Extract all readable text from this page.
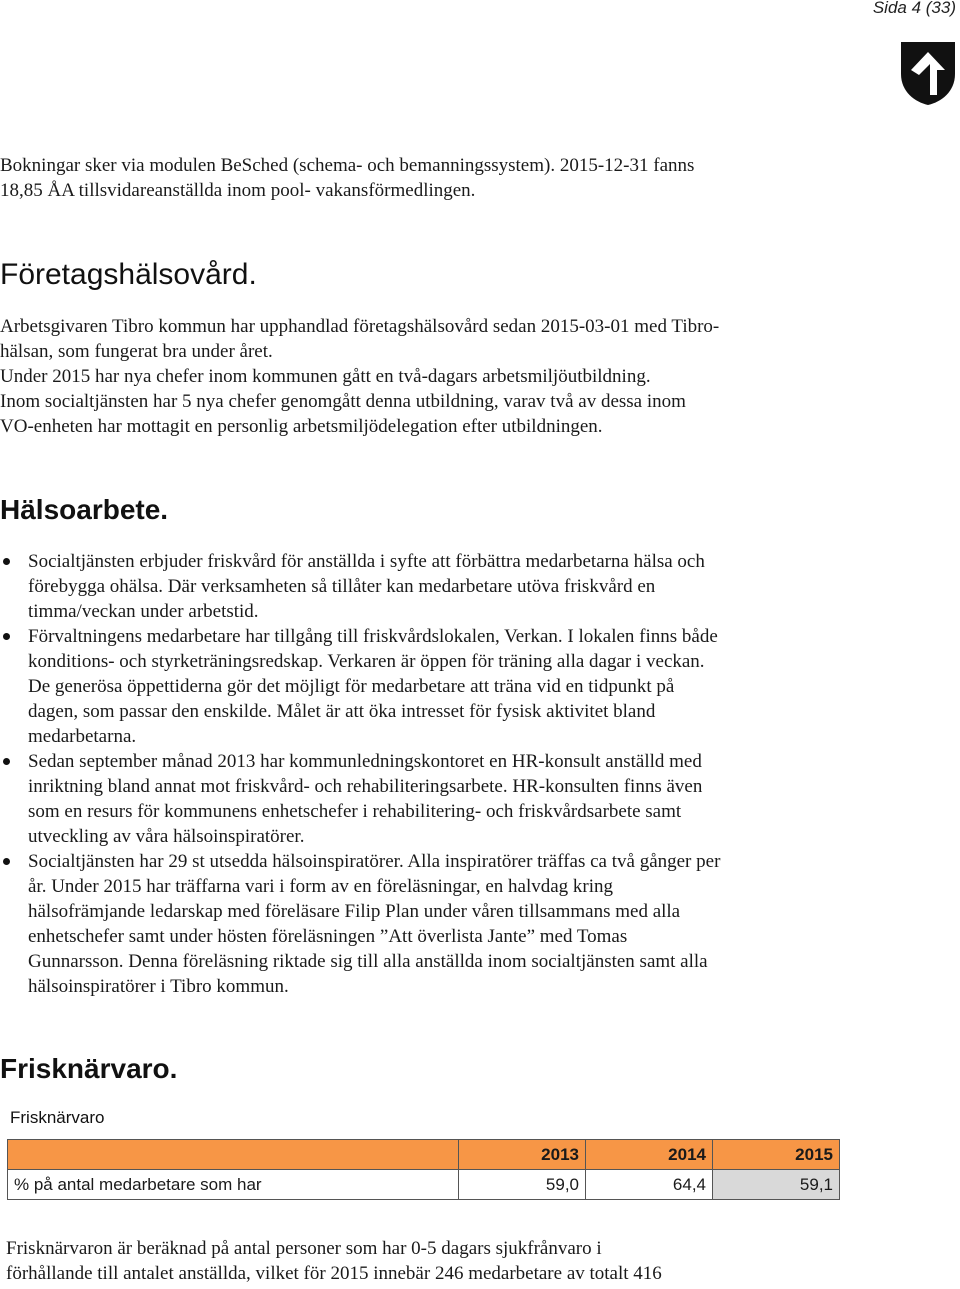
Sida 4 (33)

Bokningar sker via modulen BeSched (schema- och bemanningssystem). 2015-12-31 fanns
18,85 ÅA tillsvidareanställda inom pool- vakansförmedlingen.

Företagshälsovård.

Arbetsgivaren Tibro kommun har upphandlad företagshälsovård sedan 2015-03-01 med Tibro-
hälsan, som fungerat bra under året.
Under 2015 har nya chefer inom kommunen gått en två-dagars arbetsmiljöutbildning.
Inom socialtjänsten har 5 nya chefer genomgått denna utbildning, varav två av dessa inom
VO-enheten har mottagit en personlig arbetsmiljödelegation efter utbildningen.

Hälsoarbete.
Socialtjänsten erbjuder friskvård för anställda i syfte att förbättra medarbetarna hälsa och
förebygga ohälsa. Där verksamheten så tillåter kan medarbetare utöva friskvård en
timma/veckan under arbetstid.
Förvaltningens medarbetare har tillgång till friskvårdslokalen, Verkan. I lokalen finns både
konditions- och styrketräningsredskap. Verkaren är öppen för träning alla dagar i veckan.
De generösa öppettiderna gör det möjligt för medarbetare att träna vid en tidpunkt på
dagen, som passar den enskilde. Målet är att öka intresset för fysisk aktivitet bland
medarbetarna.
Sedan september månad 2013 har kommunledningskontoret en HR-konsult anställd med
inriktning bland annat mot friskvård- och rehabiliteringsarbete. HR-konsulten finns även
som en resurs för kommunens enhetschefer i rehabilitering- och friskvårdsarbete samt
utveckling av våra hälsoinspiratörer.
Socialtjänsten har 29 st utsedda hälsoinspiratörer. Alla inspiratörer träffas ca två gånger per
år. Under 2015 har träffarna vari i form av en föreläsningar, en halvdag kring
hälsofrämjande ledarskap med föreläsare Filip Plan under våren tillsammans med alla
enhetschefer samt under hösten föreläsningen ”Att överlista Jante” med Tomas
Gunnarsson. Denna föreläsning riktade sig till alla anställda inom socialtjänsten samt alla
hälsoinspiratörer i Tibro kommun.
Frisknärvaro.
Frisknärvaro
	2013	2014	2015
% på antal medarbetare som har	59,0	64,4	59,1

Frisknärvaron är beräknad på antal personer som har 0-5 dagars sjukfrånvaro i
förhållande till antalet anställda, vilket för 2015 innebär 246 medarbetare av totalt 416
